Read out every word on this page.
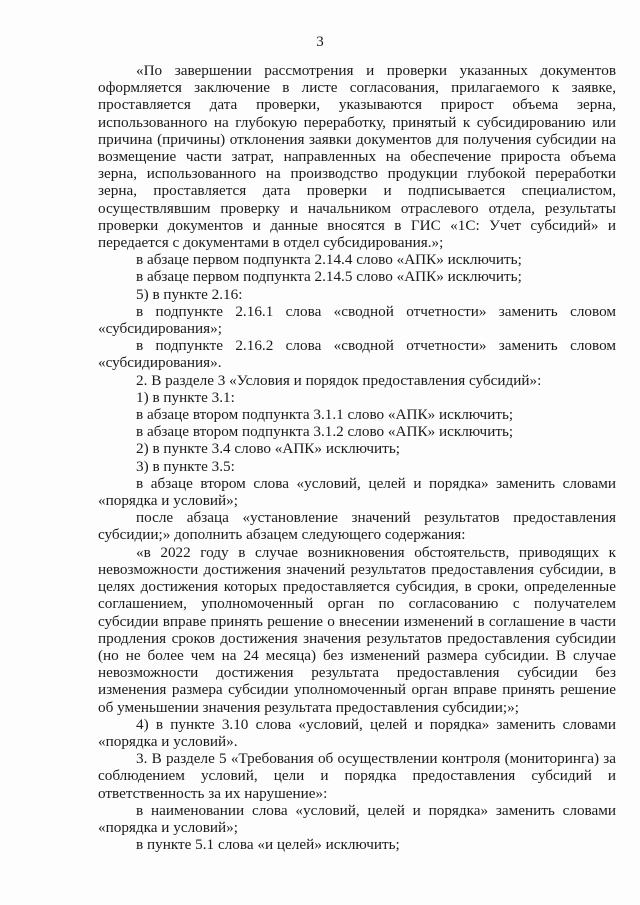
3

«По завершении рассмотрения и проверки указанных документов оформляется заключение в листе согласования, прилагаемого к заявке, проставляется дата проверки, указываются прирост объема зерна, использованного на глубокую переработку, принятый к субсидированию или причина (причины) отклонения заявки документов для получения субсидии на возмещение части затрат, направленных на обеспечение прироста объема зерна, использованного на производство продукции глубокой переработки зерна, проставляется дата проверки и подписывается специалистом, осуществлявшим проверку и начальником отраслевого отдела, результаты проверки документов и данные вносятся в ГИС «1С: Учет субсидий» и передается с документами в отдел субсидирования.»;

в абзаце первом подпункта 2.14.4 слово «АПК» исключить;

в абзаце первом подпункта 2.14.5 слово «АПК» исключить;

5) в пункте 2.16:

в подпункте 2.16.1 слова «сводной отчетности» заменить словом «субсидирования»;

в подпункте 2.16.2 слова «сводной отчетности» заменить словом «субсидирования».

2. В разделе 3 «Условия и порядок предоставления субсидий»:

1) в пункте 3.1:

в абзаце втором подпункта 3.1.1 слово «АПК» исключить;

в абзаце втором подпункта 3.1.2 слово «АПК» исключить;

2) в пункте 3.4 слово «АПК» исключить;

3) в пункте 3.5:

в абзаце втором слова «условий, целей и порядка» заменить словами «порядка и условий»;

после абзаца «установление значений результатов предоставления субсидии;» дополнить абзацем следующего содержания:

«в 2022 году в случае возникновения обстоятельств, приводящих к невозможности достижения значений результатов предоставления субсидии, в целях достижения которых предоставляется субсидия, в сроки, определенные соглашением, уполномоченный орган по согласованию с получателем субсидии вправе принять решение о внесении изменений в соглашение в части продления сроков достижения значения результатов предоставления субсидии (но не более чем на 24 месяца) без изменений размера субсидии. В случае невозможности достижения результата предоставления субсидии без изменения размера субсидии уполномоченный орган вправе принять решение об уменьшении значения результата предоставления субсидии;»;

4) в пункте 3.10 слова «условий, целей и порядка» заменить словами «порядка и условий».

3. В разделе 5 «Требования об осуществлении контроля (мониторинга) за соблюдением условий, цели и порядка предоставления субсидий и ответственность за их нарушение»:

в наименовании слова «условий, целей и порядка» заменить словами «порядка и условий»;

в пункте 5.1 слова «и целей» исключить;
